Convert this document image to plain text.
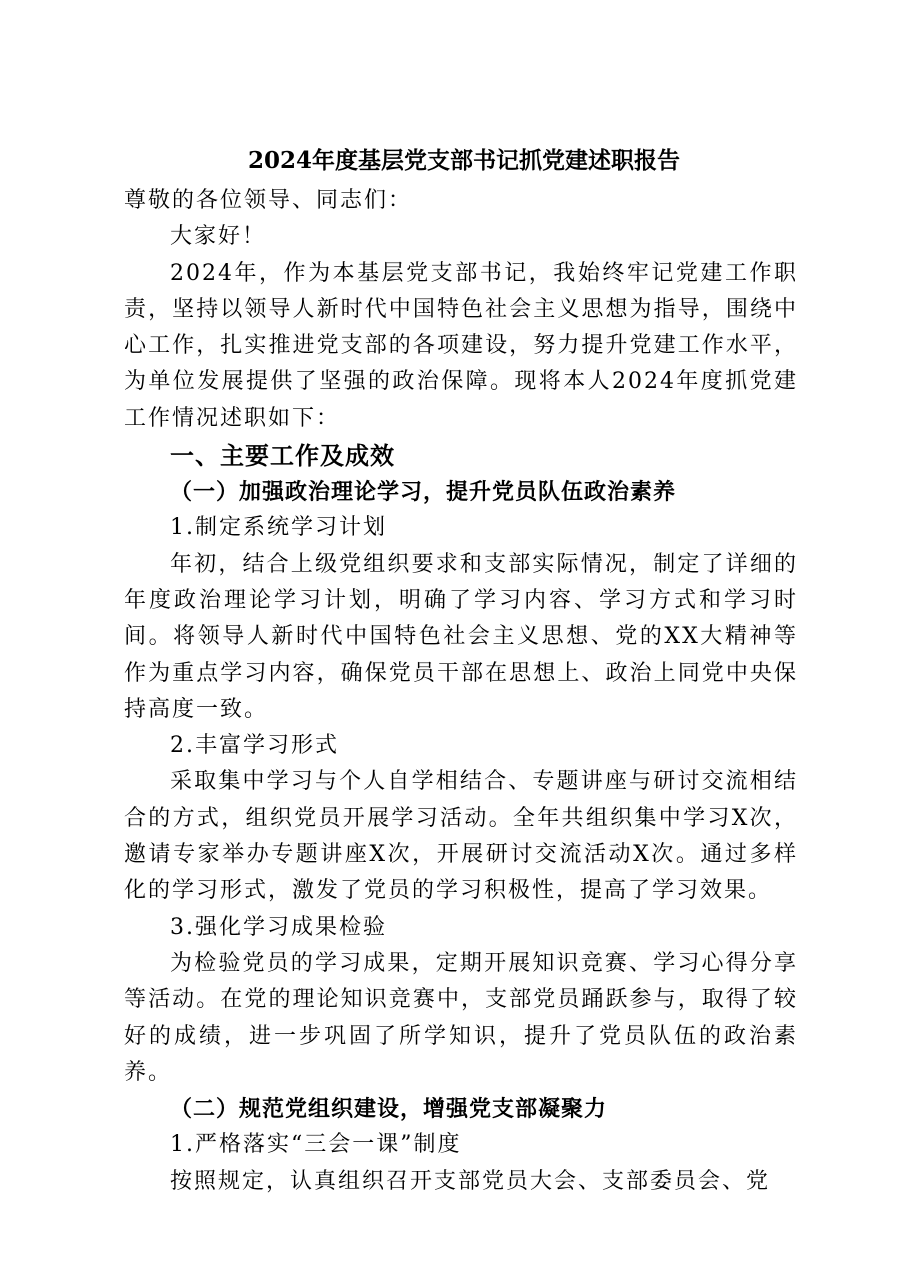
2024年度基层党支部书记抓党建述职报告

尊敬的各位领导、同志们：

大家好！

2024年，作为本基层党支部书记，我始终牢记党建工作职责，坚持以领导人新时代中国特色社会主义思想为指导，围绕中心工作，扎实推进党支部的各项建设，努力提升党建工作水平，为单位发展提供了坚强的政治保障。现将本人2024年度抓党建工作情况述职如下：

一、主要工作及成效

（一）加强政治理论学习，提升党员队伍政治素养

1.制定系统学习计划

年初，结合上级党组织要求和支部实际情况，制定了详细的年度政治理论学习计划，明确了学习内容、学习方式和学习时间。将领导人新时代中国特色社会主义思想、党的XX大精神等作为重点学习内容，确保党员干部在思想上、政治上同党中央保持高度一致。

2.丰富学习形式

采取集中学习与个人自学相结合、专题讲座与研讨交流相结合的方式，组织党员开展学习活动。全年共组织集中学习X次，邀请专家举办专题讲座X次，开展研讨交流活动X次。通过多样化的学习形式，激发了党员的学习积极性，提高了学习效果。

3.强化学习成果检验

为检验党员的学习成果，定期开展知识竞赛、学习心得分享等活动。在党的理论知识竞赛中，支部党员踊跃参与，取得了较好的成绩，进一步巩固了所学知识，提升了党员队伍的政治素养。

（二）规范党组织建设，增强党支部凝聚力

1.严格落实“三会一课”制度

按照规定，认真组织召开支部党员大会、支部委员会、党
